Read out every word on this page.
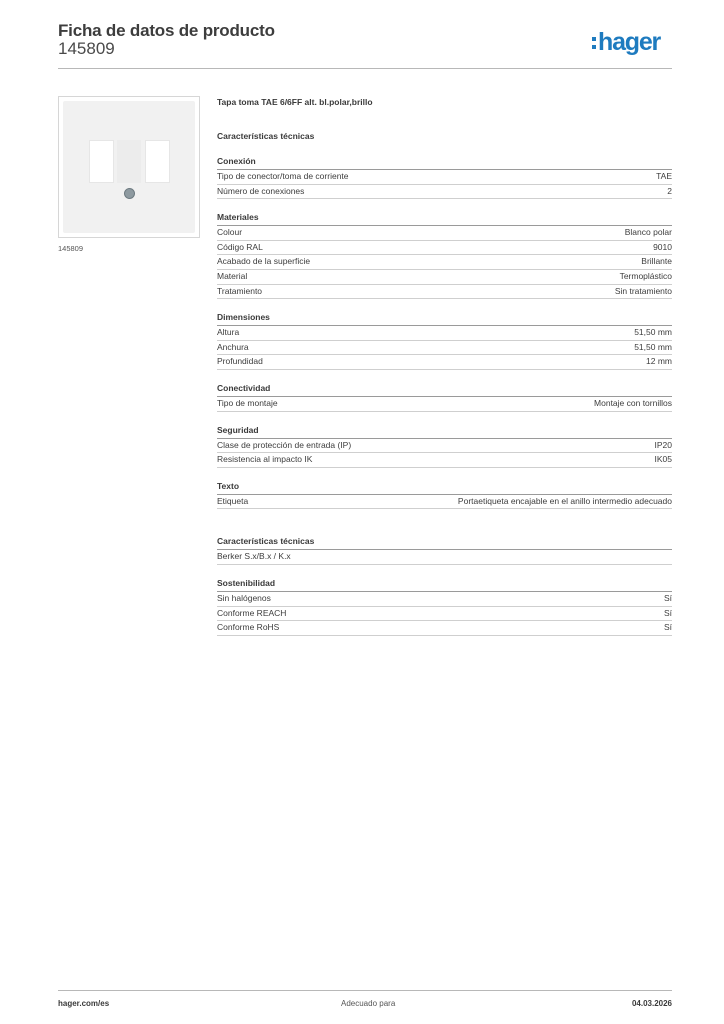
Ficha de datos de producto
145809	hager
145809
Tapa toma TAE 6/6FF alt. bl.polar,brillo
Características técnicas
Conexión
Tipo de conector/toma de corriente	TAE
Número de conexiones	2
Materiales
Colour	Blanco polar
Código RAL	9010
Acabado de la superficie	Brillante
Material	Termoplástico
Tratamiento	Sin tratamiento
Dimensiones
Altura	51,50 mm
Anchura	51,50 mm
Profundidad	12 mm
Conectividad
Tipo de montaje	Montaje con tornillos
Seguridad
Clase de protección de entrada (IP)	IP20
Resistencia al impacto IK	IK05
Texto
Etiqueta	Portaetiqueta encajable en el anillo intermedio adecuado
Características técnicas
Berker S.x/B.x / K.x
Sostenibilidad
Sin halógenos	Sí
Conforme REACH	Sí
Conforme RoHS	Sí
hager.com/es	Adecuado para	04.03.2026
